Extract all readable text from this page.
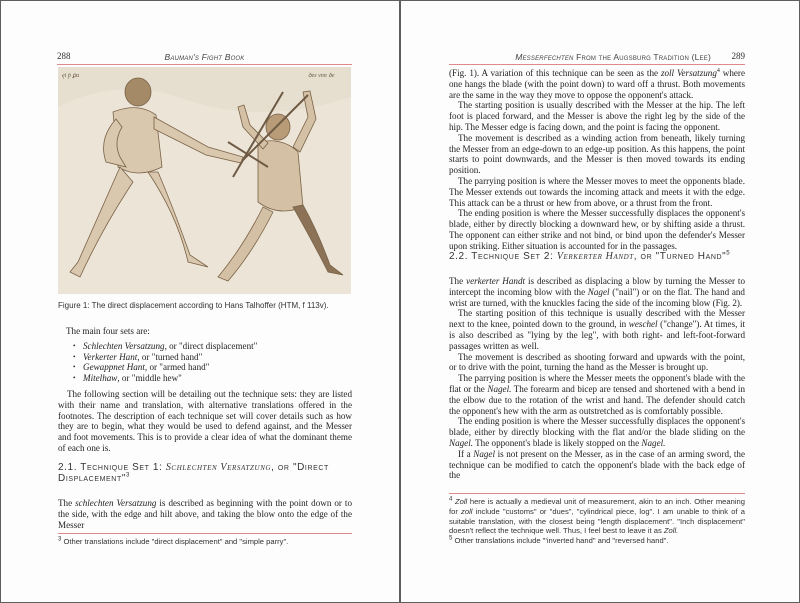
288	Bauman's Fight Book
ęi p̄ ꝑa	ꝺes vnn ꝺe
Figure 1: The direct displacement according to Hans Talhoffer (HTM, f 113v).

The main four sets are:

• Schlechten Versatzung, or "direct displacement"
• Verkerter Hant, or "turned hand"
• Gewappnet Hant, or "armed hand"
• Mitelhaw, or "middle hew"

The following section will be detailing out the technique sets: they are listed with their name and translation, with alternative translations offered in the footnotes. The description of each technique set will cover details such as how they are to begin, what they would be used to defend against, and the Messer and foot movements. This is to provide a clear idea of what the dominant theme of each one is.

2.1. Technique Set 1: Schlechten Versatzung, or "Direct Displacement"$^3$

The schlechten Versatzung is described as beginning with the point down or to the side, with the edge and hilt above, and taking the blow onto the edge of the Messer

$^3$ Other translations include "direct displacement" and "simple parry".
Messerfechten From the Augsburg Tradition (Lee) 289

(Fig. 1). A variation of this technique can be seen as the zoll Versatzung$^4$ where one hangs the blade (with the point down) to ward off a thrust. Both movements are the same in the way they move to oppose the opponent's attack.

The starting position is usually described with the Messer at the hip. The left foot is placed forward, and the Messer is above the right leg by the side of the hip. The Messer edge is facing down, and the point is facing the opponent.

The movement is described as a winding action from beneath, likely turning the Messer from an edge-down to an edge-up position. As this happens, the point starts to point downwards, and the Messer is then moved towards its ending position.

The parrying position is where the Messer moves to meet the opponents blade. The Messer extends out towards the incoming attack and meets it with the edge. This attack can be a thrust or hew from above, or a thrust from the front.

The ending position is where the Messer successfully displaces the opponent's blade, either by directly blocking a downward hew, or by shifting aside a thrust. The opponent can either strike and not bind, or bind upon the defender's Messer upon striking. Either situation is accounted for in the passages.

2.2. Technique Set 2: Verkerter Handt, or "Turned Hand"$^5$

The verkerter Handt is described as displacing a blow by turning the Messer to intercept the incoming blow with the Nagel ("nail") or on the flat. The hand and wrist are turned, with the knuckles facing the side of the incoming blow (Fig. 2).

The starting position of this technique is usually described with the Messer next to the knee, pointed down to the ground, in weschel ("change"). At times, it is also described as "lying by the leg", with both right- and left-foot-forward passages written as well.

The movement is described as shooting forward and upwards with the point, or to drive with the point, turning the hand as the Messer is brought up.

The parrying position is where the Messer meets the opponent's blade with the flat or the Nagel. The forearm and bicep are tensed and shortened with a bend in the elbow due to the rotation of the wrist and hand. The defender should catch the opponent's hew with the arm as outstretched as is comfortably possible.

The ending position is where the Messer successfully displaces the opponent's blade, either by directly blocking with the flat and/or the blade sliding on the Nagel. The opponent's blade is likely stopped on the Nagel.

If a Nagel is not present on the Messer, as in the case of an arming sword, the technique can be modified to catch the opponent's blade with the back edge of the

$^4$ Zoll here is actually a medieval unit of measurement, akin to an inch. Other meaning for zoll include "customs" or "dues", "cylindrical piece, log". I am unable to think of a suitable translation, with the closest being "length displacement". "Inch displacement" doesn't reflect the technique well. Thus, I feel best to leave it as Zoll.
$^5$ Other translations include "'inverted hand" and "reversed hand".
